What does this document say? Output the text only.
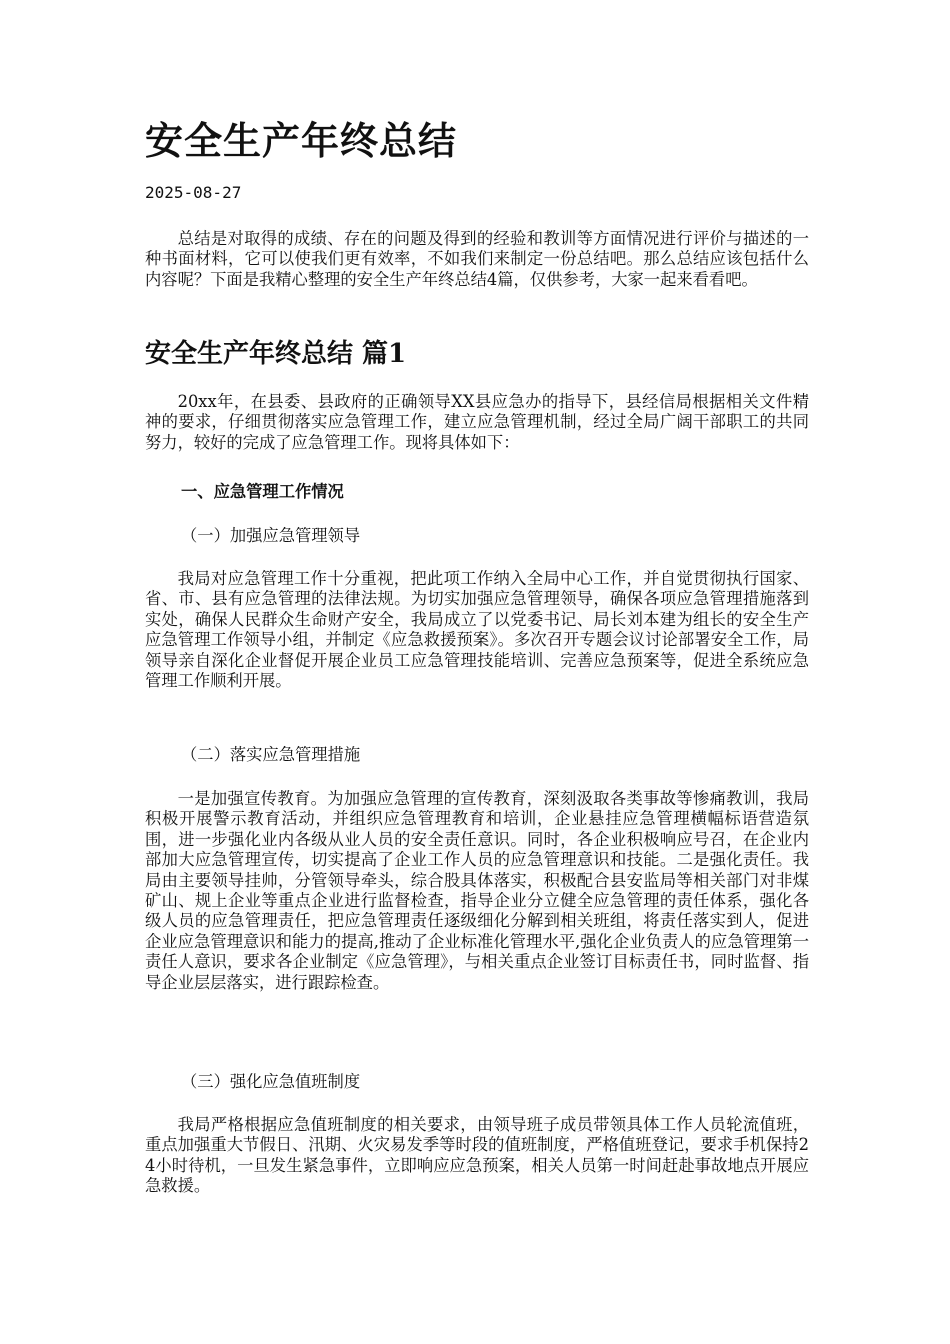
安全生产年终总结
2025-08-27

总结是对取得的成绩、存在的问题及得到的经验和教训等方面情况进行评价与描述的一种书面材料，它可以使我们更有效率，不如我们来制定一份总结吧。那么总结应该包括什么内容呢？下面是我精心整理的安全生产年终总结4篇，仅供参考，大家一起来看看吧。

安全生产年终总结 篇1

20xx年，在县委、县政府的正确领导XX县应急办的指导下，县经信局根据相关文件精神的要求，仔细贯彻落实应急管理工作，建立应急管理机制，经过全局广阔干部职工的共同努力，较好的完成了应急管理工作。现将具体如下：

一、应急管理工作情况
（一）加强应急管理领导

我局对应急管理工作十分重视，把此项工作纳入全局中心工作，并自觉贯彻执行国家、省、市、县有应急管理的法律法规。为切实加强应急管理领导，确保各项应急管理措施落到实处，确保人民群众生命财产安全，我局成立了以党委书记、局长刘本建为组长的安全生产应急管理工作领导小组，并制定《应急救援预案》。多次召开专题会议讨论部署安全工作，局领导亲自深化企业督促开展企业员工应急管理技能培训、完善应急预案等，促进全系统应急管理工作顺利开展。

（二）落实应急管理措施

一是加强宣传教育。为加强应急管理的宣传教育，深刻汲取各类事故等惨痛教训，我局积极开展警示教育活动，并组织应急管理教育和培训，企业悬挂应急管理横幅标语营造氛围，进一步强化业内各级从业人员的安全责任意识。同时，各企业积极响应号召，在企业内部加大应急管理宣传，切实提高了企业工作人员的应急管理意识和技能。二是强化责任。我局由主要领导挂帅，分管领导牵头，综合股具体落实，积极配合县安监局等相关部门对非煤矿山、规上企业等重点企业进行监督检查，指导企业分立健全应急管理的责任体系，强化各级人员的应急管理责任，把应急管理责任逐级细化分解到相关班组，将责任落实到人，促进企业应急管理意识和能力的提高,推动了企业标准化管理水平,强化企业负责人的应急管理第一责任人意识，要求各企业制定《应急管理》，与相关重点企业签订目标责任书，同时监督、指导企业层层落实，进行跟踪检查。

（三）强化应急值班制度

我局严格根据应急值班制度的相关要求，由领导班子成员带领具体工作人员轮流值班，重点加强重大节假日、汛期、火灾易发季等时段的值班制度，严格值班登记，要求手机保持24小时待机，一旦发生紧急事件，立即响应应急预案，相关人员第一时间赶赴事故地点开展应急救援。
